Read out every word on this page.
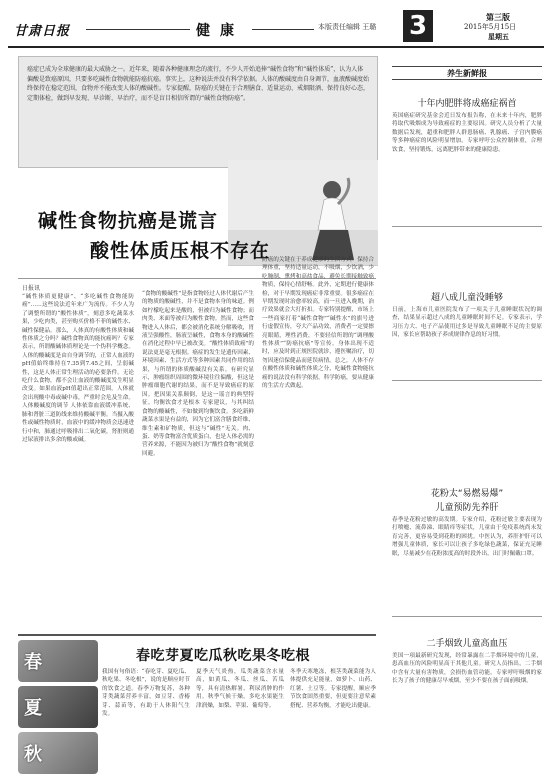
甘肃日报	健康	本版责任编辑 王璐 3	第三版
2015年5月15日
星期五

癌症已成为全球健康的最大威胁之一。近年来，随着各种健康理念的流行，不少人开始追捧“碱性食物”和“碱性体质”，认为人体偏酸是致癌原因，只要多吃碱性食物就能防癌抗癌。事实上，这种说法并没有科学依据。人体的酸碱度由自身调节，血液酸碱度始终保持在稳定范围，食物并不能改变人体的酸碱性。专家提醒，防癌的关键在于合理膳食、适量运动、戒烟限酒、保持良好心态，定期体检，做到早发现、早诊断、早治疗，而不是盲目相信所谓的“碱性食物防癌”。

碱性食物抗癌是谎言
酸性体质压根不存在
日报讯
“碱性体质更健康”、“多吃碱性食物能防癌”……这些说法近年来广为流传。不少人为了调整所谓的“酸性体质”，刻意多吃蔬菜水果，少吃肉类，甚至购买价格不菲的碱性水、碱性保健品。那么，人体真的有酸性体质和碱性体质之分吗？碱性食物真的能抗癌吗？专家表示，所谓酸碱体质理论是一个伪科学概念。人体的酸碱度是由自身调节的，正常人血液的pH值始终维持在7.35到7.45之间，呈弱碱性，这是人体正常生理活动的必要条件。无论吃什么食物，都不会让血液的酸碱度发生明显改变。如果血液pH值超出正常范围，人体就会出现酸中毒或碱中毒，严重时会危及生命。人体酸碱度的调节 人体依靠血液缓冲系统、肺和肾脏三道防线来维持酸碱平衡。当摄入酸性或碱性物质时，血液中的缓冲物质会迅速进行中和，肺通过呼吸排出二氧化碳，肾脏则通过尿液排出多余的酸或碱。
“食物的酸碱性”是指食物经过人体代谢后产生的物质的酸碱性，并不是食物本身的味道。例如柠檬吃起来是酸的，但被归为碱性食物；而肉类、米面等被归为酸性食物。然而，这些食物进入人体后，都会被消化系统分解吸收，胃液呈强酸性，肠液呈碱性，食物本身的酸碱性在消化过程中早已被改变。“酸性体质致癌”的说法更是毫无根据。癌症的发生是遗传因素、环境因素、生活方式等多种因素共同作用的结果，与所谓的体质酸碱没有关系。有研究显示，肿瘤组织周围的微环境往往偏酸，但这是肿瘤细胞代谢的结果，而不是导致癌症的原因。把因果关系颠倒，是这一谣言的典型特征。均衡饮食才是根本 专家建议，与其纠结食物的酸碱性，不如做到均衡饮食。多吃新鲜蔬菜水果是有益的，因为它们富含膳食纤维、维生素和矿物质，但这与“碱性”无关。肉、蛋、奶等食物富含优质蛋白，也是人体必需的营养来源，不能因为被归为“酸性食物”就刻意回避。
防癌的关键在于养成健康的生活方式：保持合理体重，坚持适量运动，不吸烟，少饮酒，少吃腌制、熏烤和高盐食品，避免长期接触致癌物质，保持心情舒畅。此外，定期进行健康体检，对于早期发现癌症非常重要。很多癌症在早期发现时治愈率较高，而一旦进入晚期，治疗效果就会大打折扣。专家特别提醒，市场上一些商家打着“碱性食物”“碱性水”的旗号进行虚假宣传，夸大产品功效，消费者一定要擦亮眼睛，理性消费，不要轻信所谓的“调理酸性体质”“防癌抗癌”等宣传。身体出现不适时，应及时到正规医院就诊，遵医嘱治疗，切勿因迷信保健品而延误病情。总之，人体不存在酸性体质和碱性体质之分，吃碱性食物能抗癌的说法没有科学依据。科学防癌，要从健康的生活方式做起。
养生新鲜报
十年内肥胖将成癌症祸首
英国癌症研究基金会近日发布报告称，在未来十年内，肥胖将取代吸烟成为导致癌症的主要原因。研究人员分析了大量数据后发现，超重和肥胖人群患肠癌、乳腺癌、子宫内膜癌等多种癌症的风险明显增加。专家呼吁公众控制体重，合理饮食，坚持锻炼，远离肥胖带来的健康隐患。
超八成儿童没睡够
日前，上海市儿童医院发布了一项关于儿童睡眠状况的调查，结果显示超过八成的儿童睡眠时间不足。专家表示，学习压力大、电子产品使用过多是导致儿童睡眠不足的主要原因，家长应帮助孩子养成规律作息的好习惯。
花粉太“易燃易爆”
儿童预防先养肝
春季是花粉过敏的高发期。专家介绍，花粉过敏主要表现为打喷嚏、流鼻涕、眼睛痒等症状，儿童由于免疫系统尚未发育完善，更容易受到花粉的困扰。中医认为，养肝护肝可以增强儿童体质，家长可以让孩子多吃绿色蔬菜，保证充足睡眠，尽量减少在花粉浓度高的时段外出，出门时佩戴口罩。
二手烟致儿童高血压
美国一项最新研究发现，经常暴露在二手烟环境中的儿童，患高血压的风险明显高于其他儿童。研究人员指出，二手烟中含有大量有害物质，会损伤血管功能。专家呼吁吸烟的家长为了孩子的健康尽早戒烟，至少不要在孩子面前吸烟。
春
夏
秋
春吃芽夏吃瓜秋吃果冬吃根
我国有句俗语：“春吃芽、夏吃瓜、秋吃果、冬吃根”，说的是顺应时节的饮食之道。春季万物复苏，各种芽类蔬菜营养丰富，如豆芽、香椿芽、蒜苗等，有助于人体阳气生发。
夏季天气炎热，瓜类蔬菜含水量高，如黄瓜、冬瓜、丝瓜、苦瓜等，具有清热解暑、利尿消肿的作用。秋季气候干燥，多吃水果能生津润燥，如梨、苹果、葡萄等。
冬季天寒地冻，根茎类蔬菜能为人体提供充足能量，如萝卜、山药、红薯、土豆等。专家提醒，顺应季节饮食固然重要，但更要注意荤素搭配、营养均衡，才能吃出健康。
